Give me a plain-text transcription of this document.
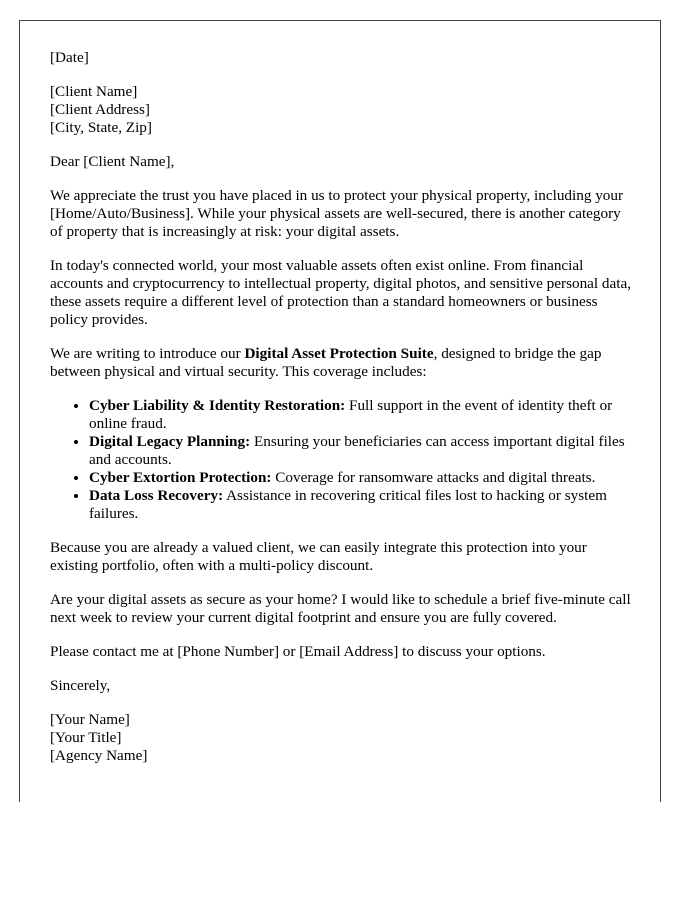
[Date]

[Client Name]
[Client Address]
[City, State, Zip]

Dear [Client Name],

We appreciate the trust you have placed in us to protect your physical property, including your [Home/Auto/Business]. While your physical assets are well-secured, there is another category of property that is increasingly at risk: your digital assets.

In today's connected world, your most valuable assets often exist online. From financial accounts and cryptocurrency to intellectual property, digital photos, and sensitive personal data, these assets require a different level of protection than a standard homeowners or business policy provides.

We are writing to introduce our Digital Asset Protection Suite, designed to bridge the gap between physical and virtual security. This coverage includes:

• Cyber Liability & Identity Restoration: Full support in the event of identity theft or online fraud.
• Digital Legacy Planning: Ensuring your beneficiaries can access important digital files and accounts.
• Cyber Extortion Protection: Coverage for ransomware attacks and digital threats.
• Data Loss Recovery: Assistance in recovering critical files lost to hacking or system failures.

Because you are already a valued client, we can easily integrate this protection into your existing portfolio, often with a multi-policy discount.

Are your digital assets as secure as your home? I would like to schedule a brief five-minute call next week to review your current digital footprint and ensure you are fully covered.

Please contact me at [Phone Number] or [Email Address] to discuss your options.

Sincerely,

[Your Name]
[Your Title]
[Agency Name]
